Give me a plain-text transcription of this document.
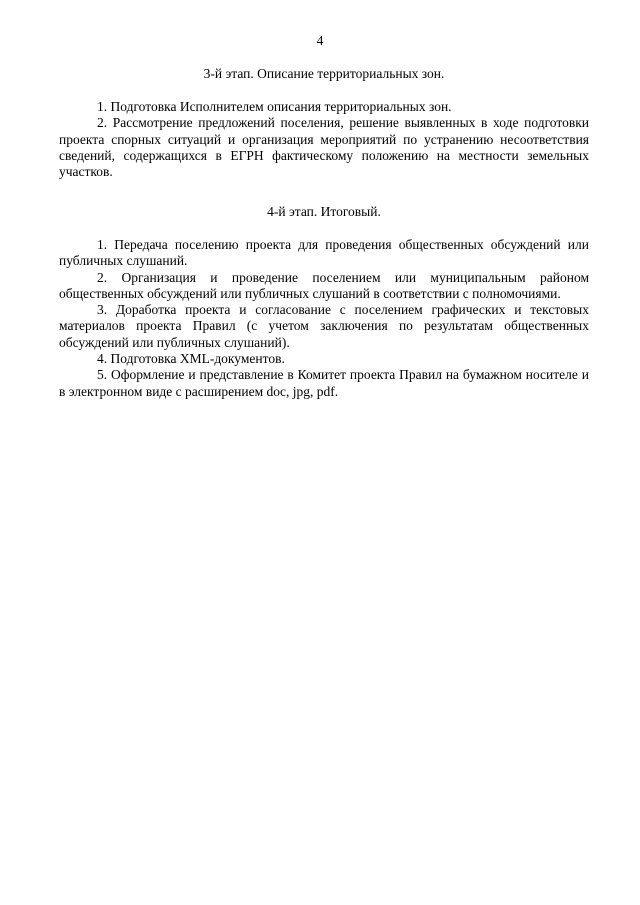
4

3-й этап. Описание территориальных зон.

1. Подготовка Исполнителем описания территориальных зон.

2. Рассмотрение предложений поселения, решение выявленных в ходе подготовки проекта спорных ситуаций и организация мероприятий по устранению несоответствия сведений, содержащихся в ЕГРН фактическому положению на местности земельных участков.

4-й этап. Итоговый.

1. Передача поселению проекта для проведения общественных обсуждений или публичных слушаний.

2. Организация и проведение поселением или муниципальным районом общественных обсуждений или публичных слушаний в соответствии с полномочиями.

3. Доработка проекта и согласование с поселением графических и текстовых материалов проекта Правил (с учетом заключения по результатам общественных обсуждений или публичных слушаний).

4. Подготовка XML-документов.

5. Оформление и представление в Комитет проекта Правил на бумажном носителе и в электронном виде с расширением doc, jpg, pdf.
